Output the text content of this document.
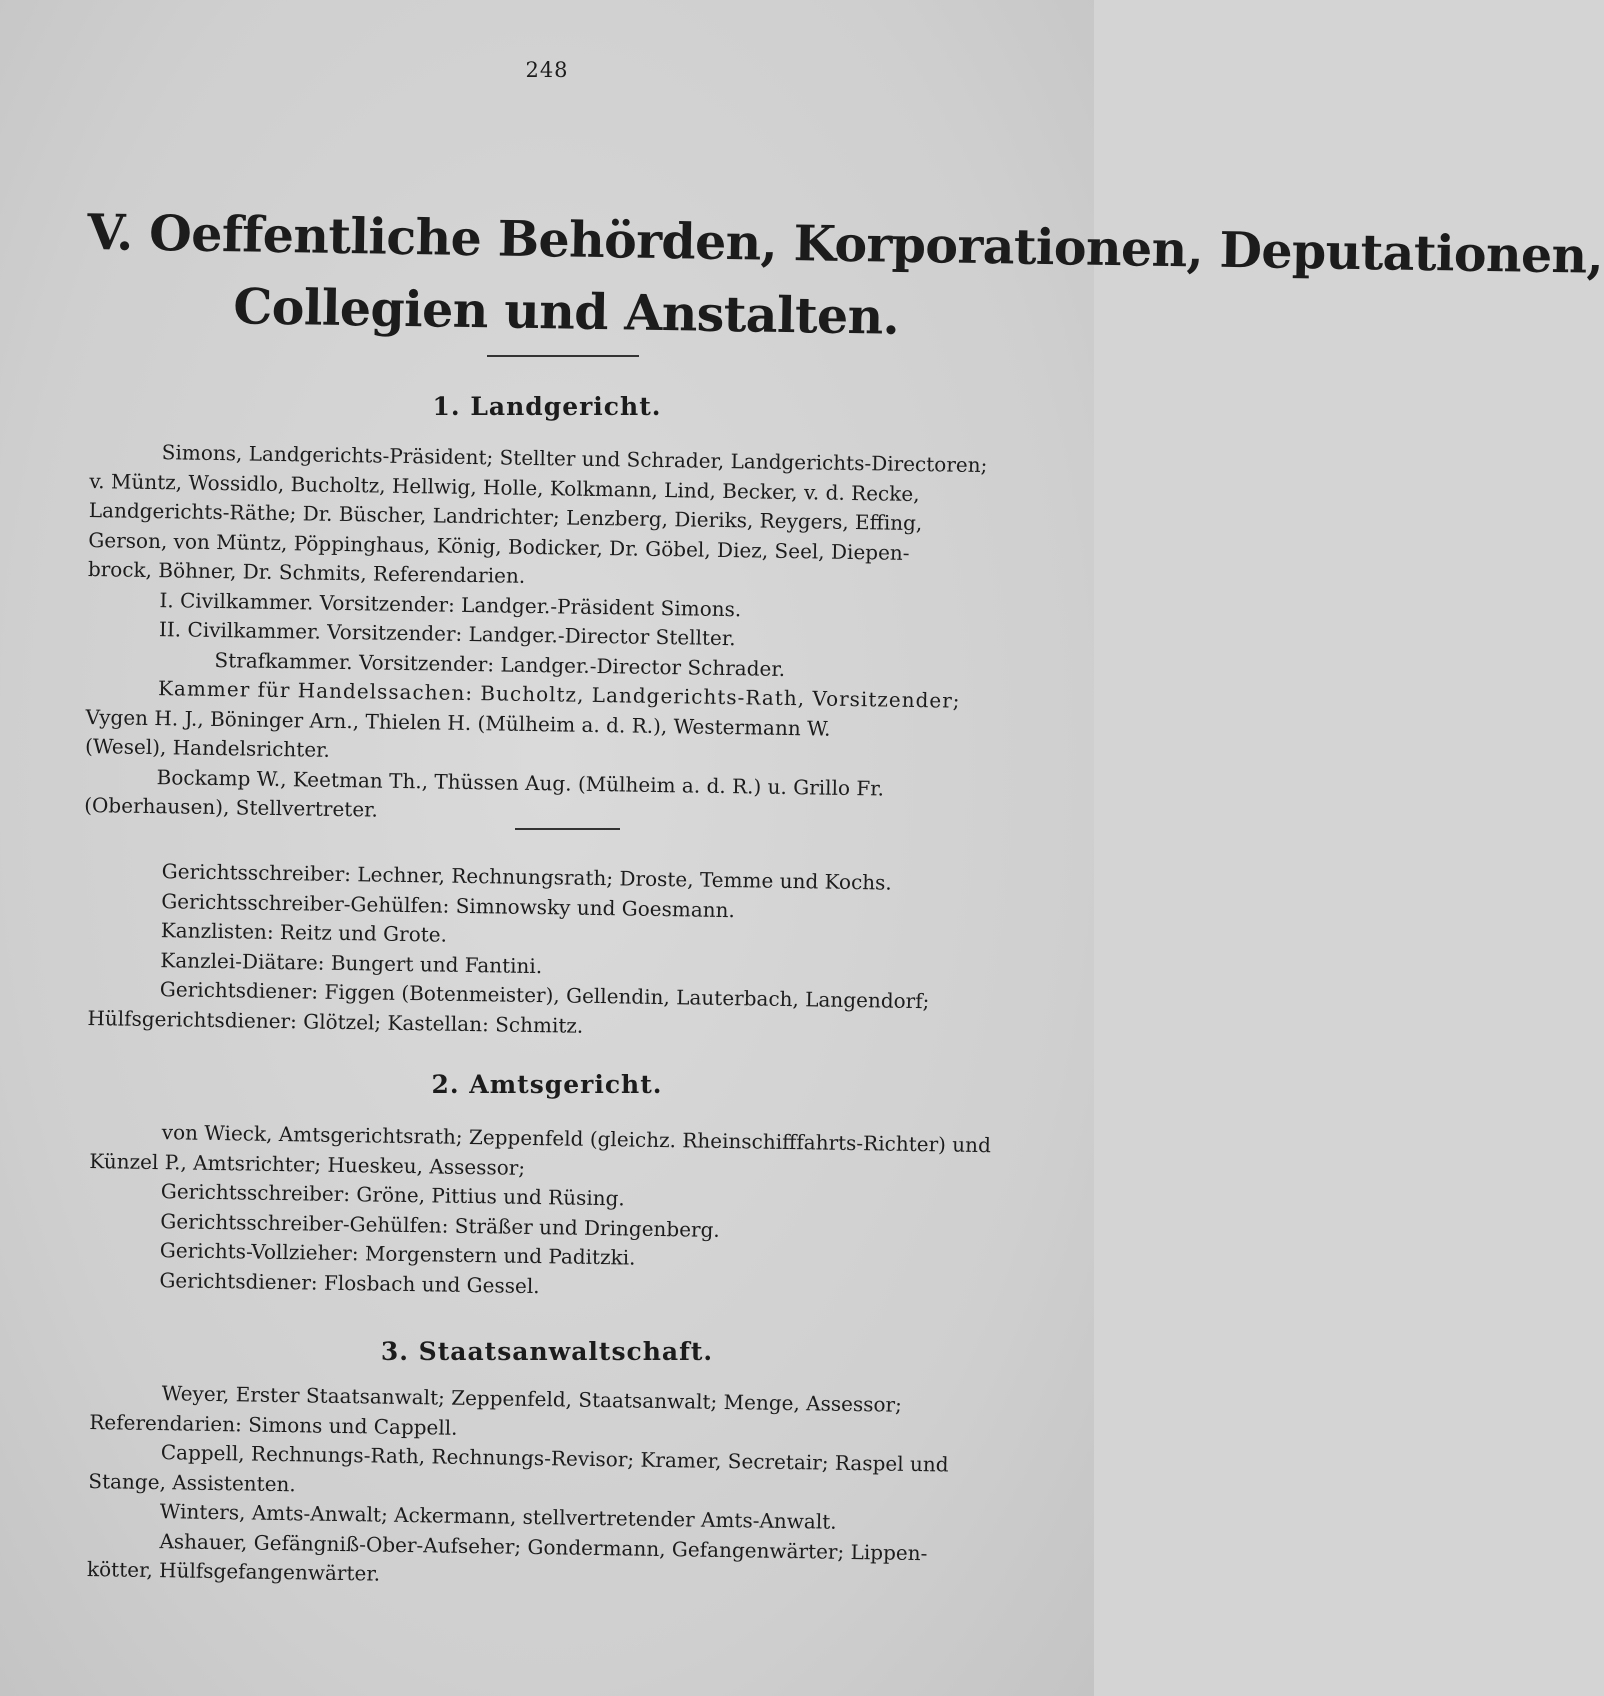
248
V. Oeffentliche Behörden, Korporationen, Deputationen,
Collegien und Anstalten.
1. Landgericht.

Simons, Landgerichts-Präsident; Stellter und Schrader, Landgerichts-Directoren;

v. Müntz, Wossidlo, Bucholtz, Hellwig, Holle, Kolkmann, Lind, Becker, v. d. Recke,

Landgerichts-Räthe; Dr. Büscher, Landrichter; Lenzberg, Dieriks, Reygers, Effing,

Gerson, von Müntz, Pöppinghaus, König, Bodicker, Dr. Göbel, Diez, Seel, Diepen-

brock, Böhner, Dr. Schmits, Referendarien.

I. Civilkammer. Vorsitzender: Landger.-Präsident Simons.

II. Civilkammer. Vorsitzender: Landger.-Director Stellter.

Strafkammer. Vorsitzender: Landger.-Director Schrader.

Kammer für Handelssachen: Bucholtz, Landgerichts-Rath, Vorsitzender;

Vygen H. J., Böninger Arn., Thielen H. (Mülheim a. d. R.), Westermann W.

(Wesel), Handelsrichter.

Bockamp W., Keetman Th., Thüssen Aug. (Mülheim a. d. R.) u. Grillo Fr.

(Oberhausen), Stellvertreter.

Gerichtsschreiber: Lechner, Rechnungsrath; Droste, Temme und Kochs.

Gerichtsschreiber-Gehülfen: Simnowsky und Goesmann.

Kanzlisten: Reitz und Grote.

Kanzlei-Diätare: Bungert und Fantini.

Gerichtsdiener: Figgen (Botenmeister), Gellendin, Lauterbach, Langendorf;

Hülfsgerichtsdiener: Glötzel; Kastellan: Schmitz.

2. Amtsgericht.

von Wieck, Amtsgerichtsrath; Zeppenfeld (gleichz. Rheinschifffahrts-Richter) und

Künzel P., Amtsrichter; Hueskeu, Assessor;

Gerichtsschreiber: Gröne, Pittius und Rüsing.

Gerichtsschreiber-Gehülfen: Sträßer und Dringenberg.

Gerichts-Vollzieher: Morgenstern und Paditzki.

Gerichtsdiener: Flosbach und Gessel.

3. Staatsanwaltschaft.

Weyer, Erster Staatsanwalt; Zeppenfeld, Staatsanwalt; Menge, Assessor;

Referendarien: Simons und Cappell.

Cappell, Rechnungs-Rath, Rechnungs-Revisor; Kramer, Secretair; Raspel und

Stange, Assistenten.

Winters, Amts-Anwalt; Ackermann, stellvertretender Amts-Anwalt.

Ashauer, Gefängniß-Ober-Aufseher; Gondermann, Gefangenwärter; Lippen-

kötter, Hülfsgefangenwärter.
